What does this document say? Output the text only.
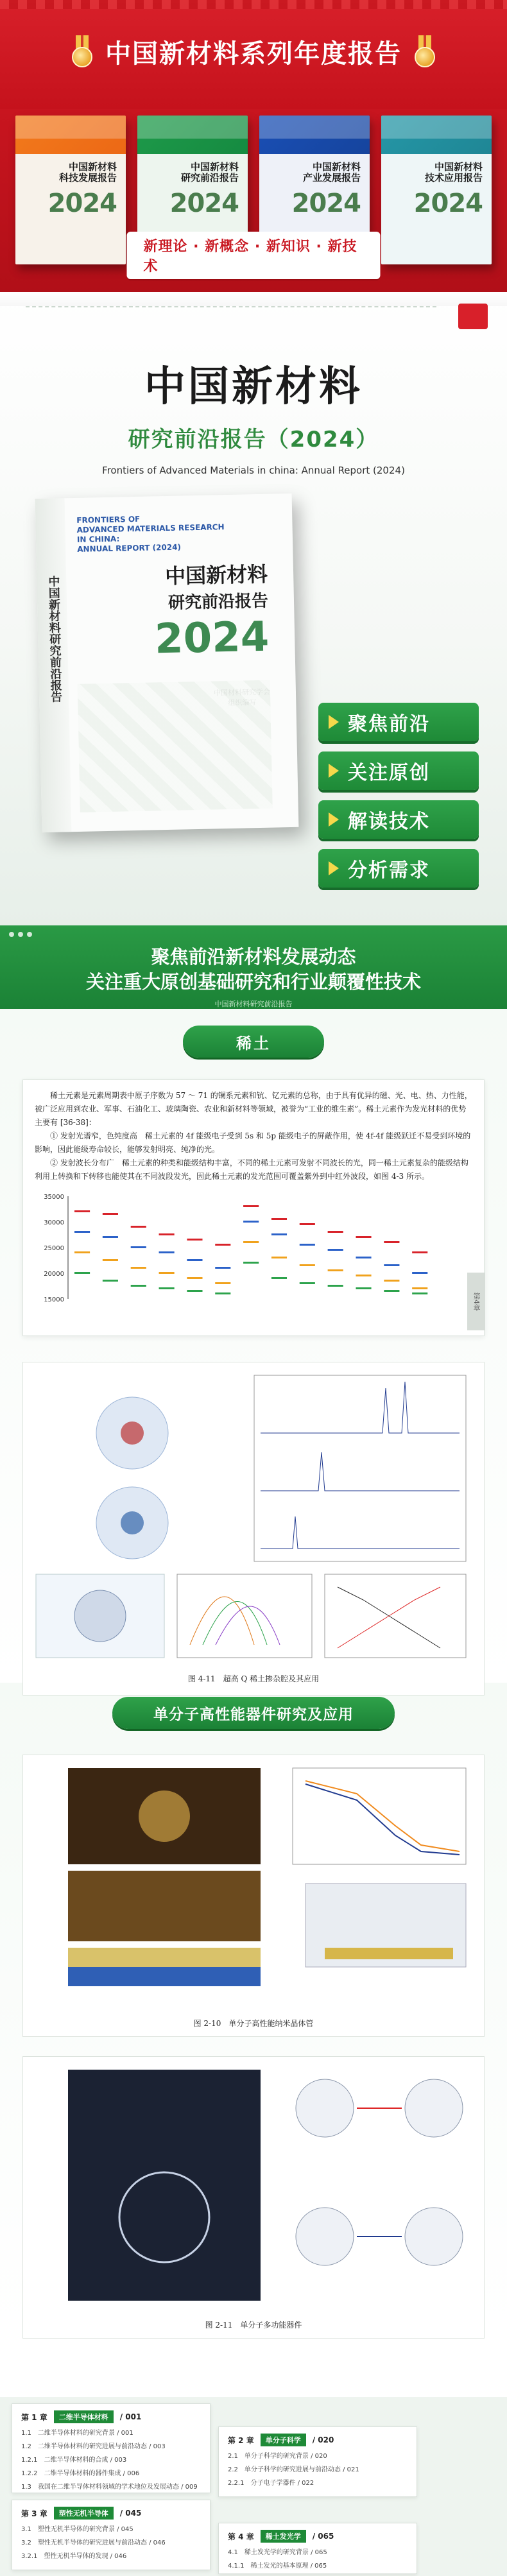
中国新材料系列年度报告
中国新材料
科技发展报告
2024
中国新材料
研究前沿报告
2024
中国新材料
产业发展报告
2024
中国新材料
技术应用报告
2024
新理论 · 新概念 · 新知识 · 新技术
中国新材料
研究前沿报告（2024）
Frontiers of Advanced Materials in china: Annual Report (2024)
中国新材料研究前沿报告
FRONTIERS OF
ADVANCED MATERIALS RESEARCH
IN CHINA:
ANNUAL REPORT (2024)
中国新材料
研究前沿报告
2024
聚焦前沿
关注原创
解读技术
分析需求
聚焦前沿新材料发展动态
关注重大原创基础研究和行业颠覆性技术
中国新材料研究前沿报告
稀土

稀土元素是元素周期表中原子序数为 57 ～ 71 的镧系元素和钪、钇元素的总称，由于具有优异的磁、光、电、热、力性能，被广泛应用到农业、军事、石油化工、玻璃陶瓷、农业和新材料等领域，被誉为“工业的维生素”。稀土元素作为发光材料的优势主要有 [36-38]：

① 发射光谱窄，色纯度高　稀土元素的 4f 能级电子受到 5s 和 5p 能级电子的屏蔽作用，使 4f-4f 能级跃迁不易受到环境的影响，因此能级寿命较长，能够发射明亮、纯净的光。

② 发射波长分布广　稀土元素的种类和能级结构丰富，不同的稀土元素可发射不同波长的光，同一稀土元素复杂的能级结构利用上转换和下转移也能使其在不同波段发光，因此稀土元素的发光范围可覆盖紫外到中红外波段，如图 4-3 所示。

第4章
35000
30000
25000
20000
15000
图 4-11　超高 Q 稀土掺杂腔及其应用
单分子高性能器件研究及应用
图 2-10　单分子高性能纳米晶体管
图 2-11　单分子多功能器件
第 1 章	二维半导体材料	/ 001
1.1　二维半导体材料的研究背景 / 001
1.2　二维半导体材料的研究进展与前沿动态 / 003
1.2.1　二维半导体材料的合成 / 003
1.2.2　二维半导体材料的器件集成 / 006
1.3　我国在二维半导体材料领域的学术地位及发展动态 / 009
第 2 章	单分子科学	/ 020
2.1　单分子科学的研究背景 / 020
2.2　单分子科学的研究进展与前沿动态 / 021
2.2.1　分子电子学器件 / 022
第 3 章	塑性无机半导体	/ 045
3.1　塑性无机半导体的研究背景 / 045
3.2　塑性无机半导体的研究进展与前沿动态 / 046
3.2.1　塑性无机半导体的发现 / 046
第 4 章	稀土发光学	/ 065
4.1　稀土发光学的研究背景 / 065
4.1.1　稀土发光的基本原理 / 065
